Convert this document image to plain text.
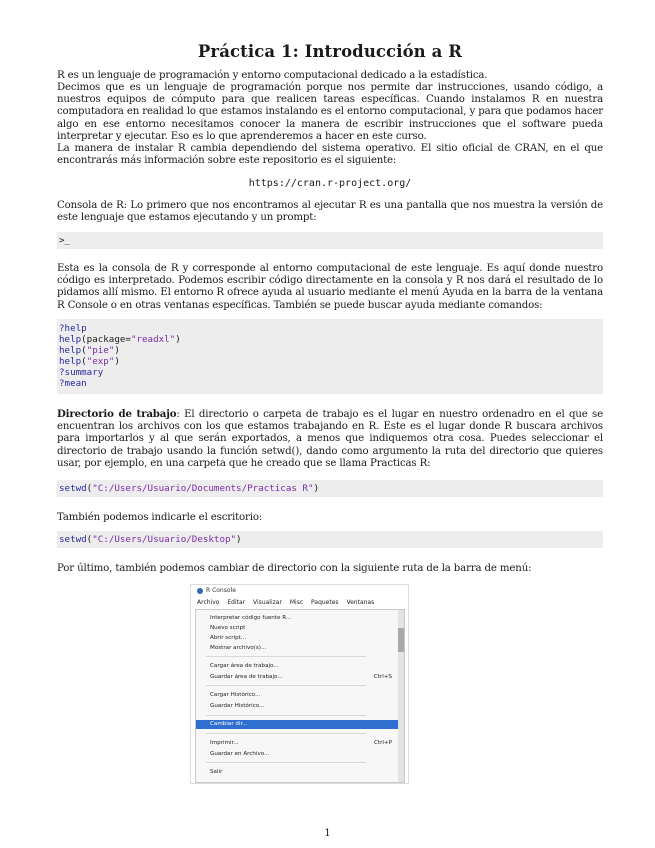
Práctica 1: Introducción a R

R es un lenguaje de programación y entorno computacional dedicado a la estadística.

Decimos que es un lenguaje de programación porque nos permite dar instrucciones, usando código, a nuestros equipos de cómputo para que realicen tareas específicas. Cuando instalamos R en nuestra computadora en realidad lo que estamos instalando es el entorno computacional, y para que podamos hacer algo en ese entorno necesitamos conocer la manera de escribir instrucciones que el software pueda interpretar y ejecutar. Eso es lo que aprenderemos a hacer en este curso.

La manera de instalar R cambia dependiendo del sistema operativo. El sitio oficial de CRAN, en el que encontrarás más información sobre este repositorio es el siguiente:

https://cran.r-project.org/

Consola de R: Lo primero que nos encontramos al ejecutar R es una pantalla que nos muestra la versión de este lenguaje que estamos ejecutando y un prompt:

>_

Esta es la consola de R y corresponde al entorno computacional de este lenguaje. Es aquí donde nuestro código es interpretado. Podemos escribir código directamente en la consola y R nos dará el resultado de lo pidamos allí mismo. El entorno R ofrece ayuda al usuario mediante el menú Ayuda en la barra de la ventana R Console o en otras ventanas específicas. También se puede buscar ayuda mediante comandos:

?help
help(package="readxl")
help("pie")
help("exp")
?summary
?mean

Directorio de trabajo: El directorio o carpeta de trabajo es el lugar en nuestro ordenadro en el que se encuentran los archivos con los que estamos trabajando en R. Este es el lugar donde R buscara archivos para importarlos y al que serán exportados, a menos que indiquemos otra cosa. Puedes seleccionar el directorio de trabajo usando la función setwd(), dando como argumento la ruta del directorio que quieres usar, por ejemplo, en una carpeta que he creado que se llama Practicas R:

setwd("C:/Users/Usuario/Documents/Practicas R")

También podemos indicarle el escritorio:

setwd("C:/Users/Usuario/Desktop")

Por último, también podemos cambiar de directorio con la siguiente ruta de la barra de menú:

R Console
Archivo Editar Visualizar Misc Paquetes Ventanas
Interpretar código fuente R...
Nuevo script
Abrir script...
Mostrar archivo(s)...
Cargar área de trabajo...
Guardar área de trabajo...	Ctrl+S
Cargar Histórico...
Guardar Histórico...
Cambiar dir...
Imprimir...	Ctrl+P
Guardar en Archivo...
Salir
1
